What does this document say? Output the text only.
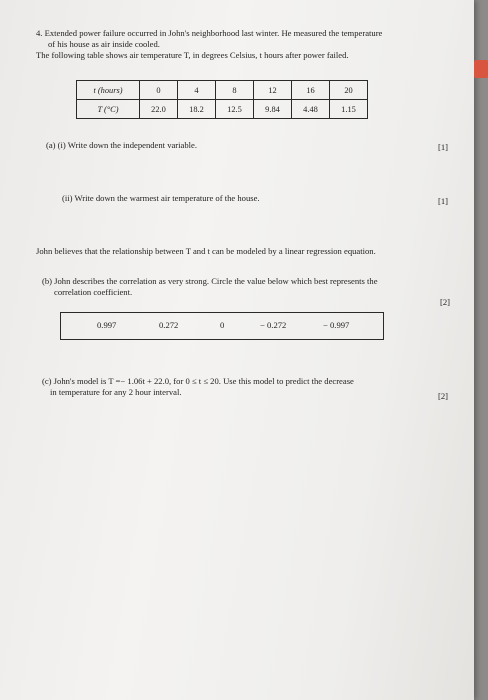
4. Extended power failure occurred in John's neighborhood last winter. He measured the temperature

of his house as air inside cooled.

The following table shows air temperature T, in degrees Celsius, t hours after power failed.

t (hours)	0	4	8	12	16	20
T (°C)	22.0	18.2	12.5	9.84	4.48	1.15
(a) (i) Write down the independent variable.	[1]
(ii) Write down the warmest air temperature of the house.	[1]
John believes that the relationship between T and t can be modeled by a linear regression equation.
(b) John describes the correlation as very strong. Circle the value below which best represents the
correlation coefficient.
[2]
0.997	0.272	0	− 0.272	− 0.997
(c) John's model is T =− 1.06t + 22.0, for 0 ≤ t ≤ 20. Use this model to predict the decrease
in temperature for any 2 hour interval.	[2]
